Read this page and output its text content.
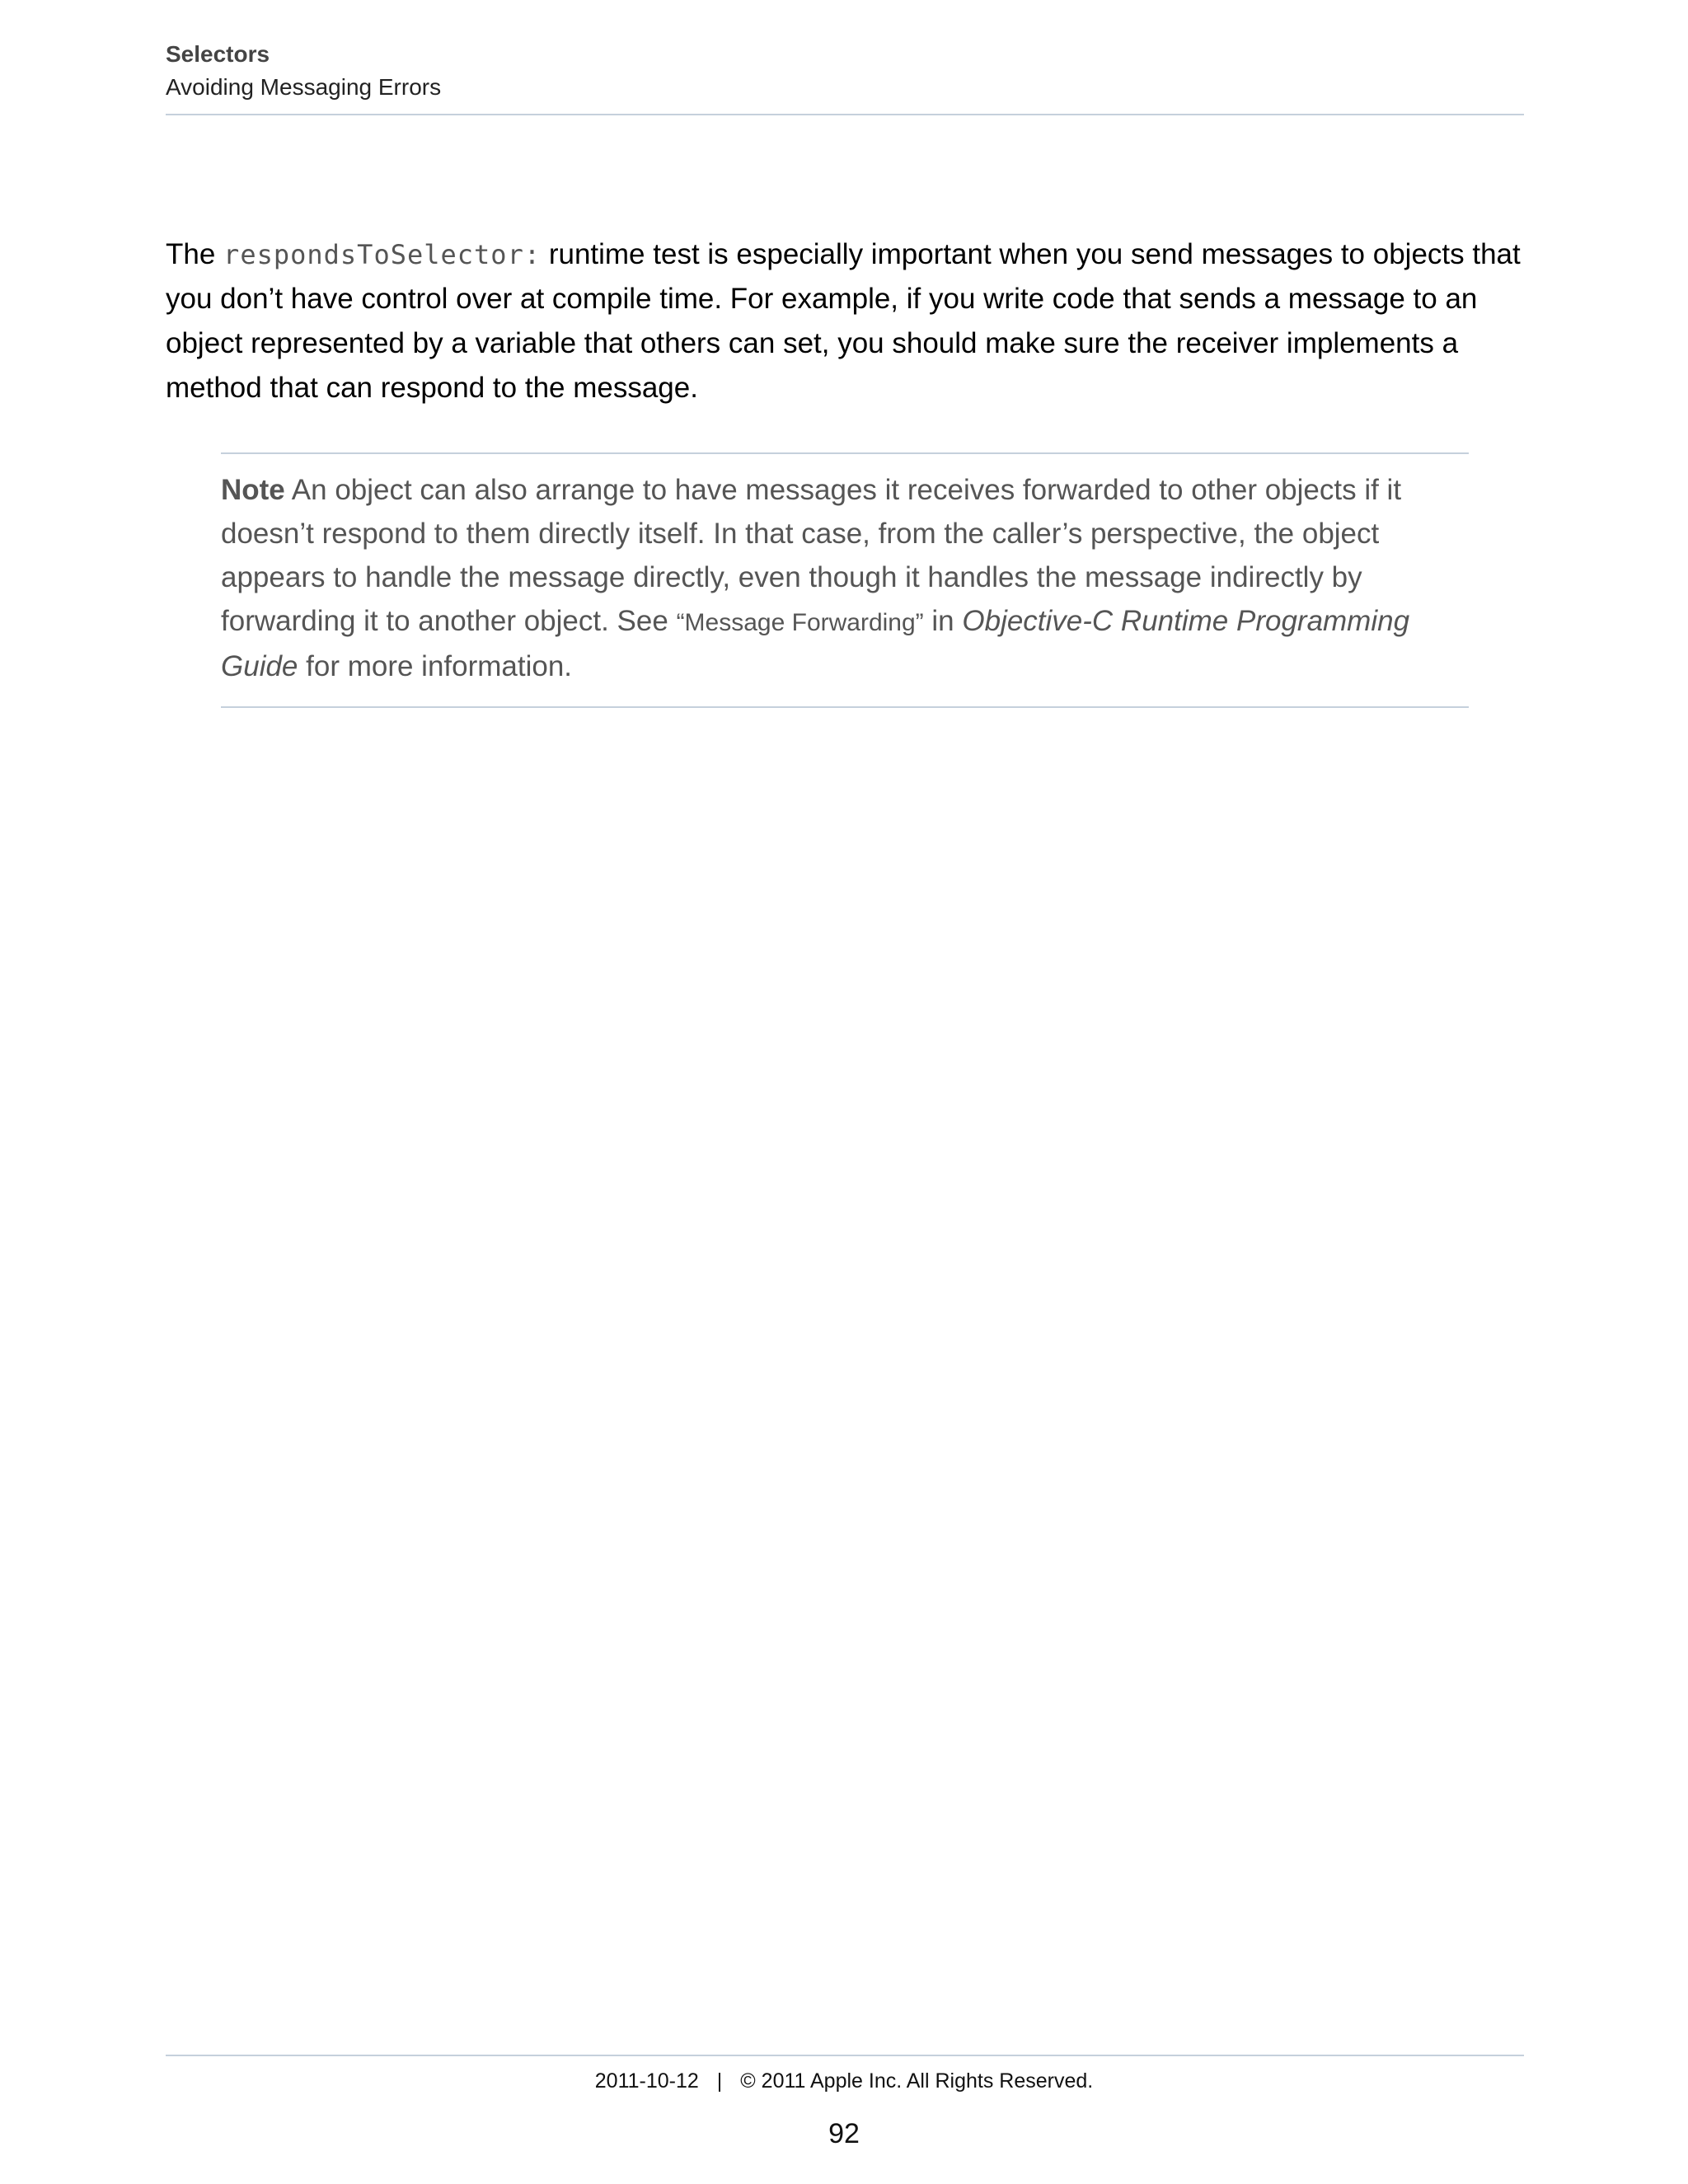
Selectors
Avoiding Messaging Errors

The respondsToSelector: runtime test is especially important when you send messages to objects that you don’t have control over at compile time. For example, if you write code that sends a message to an object represented by a variable that others can set, you should make sure the receiver implements a method that can respond to the message.

Note An object can also arrange to have messages it receives forwarded to other objects if it doesn’t respond to them directly itself. In that case, from the caller’s perspective, the object appears to handle the message directly, even though it handles the message indirectly by forwarding it to another object. See “Message Forwarding” in Objective-C Runtime Programming Guide for more information.

2011-10-12 | © 2011 Apple Inc. All Rights Reserved.
92
